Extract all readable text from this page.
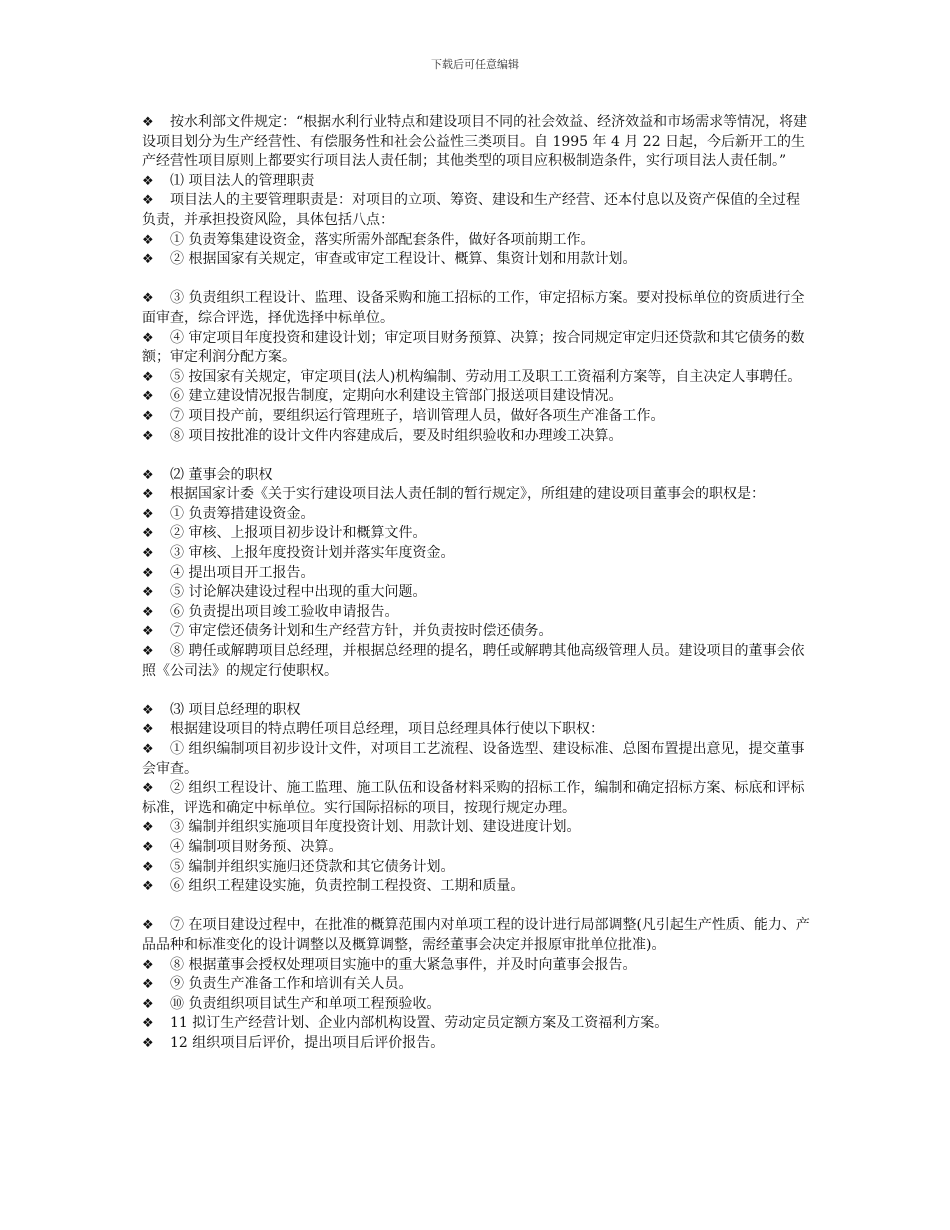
下载后可任意编辑

❖ 按水利部文件规定：“根据水利行业特点和建设项目不同的社会效益、经济效益和市场需求等情况，将建设项目划分为生产经营性、有偿服务性和社会公益性三类项目。自 1995 年 4 月 22 日起，今后新开工的生产经营性项目原则上都要实行项目法人责任制；其他类型的项目应积极制造条件，实行项目法人责任制。”

❖ ⑴ 项目法人的管理职责

❖ 项目法人的主要管理职责是：对项目的立项、筹资、建设和生产经营、还本付息以及资产保值的全过程负责，并承担投资风险，具体包括八点：

❖ ① 负责筹集建设资金，落实所需外部配套条件，做好各项前期工作。

❖ ② 根据国家有关规定，审查或审定工程设计、概算、集资计划和用款计划。

❖ ③ 负责组织工程设计、监理、设备采购和施工招标的工作，审定招标方案。要对投标单位的资质进行全面审查，综合评选，择优选择中标单位。

❖ ④ 审定项目年度投资和建设计划；审定项目财务预算、决算；按合同规定审定归还贷款和其它债务的数额；审定利润分配方案。

❖ ⑤ 按国家有关规定，审定项目(法人)机构编制、劳动用工及职工工资福利方案等，自主决定人事聘任。

❖ ⑥ 建立建设情况报告制度，定期向水利建设主管部门报送项目建设情况。

❖ ⑦ 项目投产前，要组织运行管理班子，培训管理人员，做好各项生产准备工作。

❖ ⑧ 项目按批准的设计文件内容建成后，要及时组织验收和办理竣工决算。

❖ ⑵ 董事会的职权

❖ 根据国家计委《关于实行建设项目法人责任制的暂行规定》，所组建的建设项目董事会的职权是：

❖ ① 负责筹措建设资金。

❖ ② 审核、上报项目初步设计和概算文件。

❖ ③ 审核、上报年度投资计划并落实年度资金。

❖ ④ 提出项目开工报告。

❖ ⑤ 讨论解决建设过程中出现的重大问题。

❖ ⑥ 负责提出项目竣工验收申请报告。

❖ ⑦ 审定偿还债务计划和生产经营方针，并负责按时偿还债务。

❖ ⑧ 聘任或解聘项目总经理，并根据总经理的提名，聘任或解聘其他高级管理人员。建设项目的董事会依照《公司法》的规定行使职权。

❖ ⑶ 项目总经理的职权

❖ 根据建设项目的特点聘任项目总经理，项目总经理具体行使以下职权：

❖ ① 组织编制项目初步设计文件，对项目工艺流程、设备选型、建设标准、总图布置提出意见，提交董事会审查。

❖ ② 组织工程设计、施工监理、施工队伍和设备材料采购的招标工作，编制和确定招标方案、标底和评标标准，评选和确定中标单位。实行国际招标的项目，按现行规定办理。

❖ ③ 编制并组织实施项目年度投资计划、用款计划、建设进度计划。

❖ ④ 编制项目财务预、决算。

❖ ⑤ 编制并组织实施归还贷款和其它债务计划。

❖ ⑥ 组织工程建设实施，负责控制工程投资、工期和质量。

❖ ⑦ 在项目建设过程中，在批准的概算范围内对单项工程的设计进行局部调整(凡引起生产性质、能力、产品品种和标准变化的设计调整以及概算调整，需经董事会决定并报原审批单位批准)。

❖ ⑧ 根据董事会授权处理项目实施中的重大紧急事件，并及时向董事会报告。

❖ ⑨ 负责生产准备工作和培训有关人员。

❖ ⑩ 负责组织项目试生产和单项工程预验收。

❖ 11 拟订生产经营计划、企业内部机构设置、劳动定员定额方案及工资福利方案。

❖ 12 组织项目后评价，提出项目后评价报告。
